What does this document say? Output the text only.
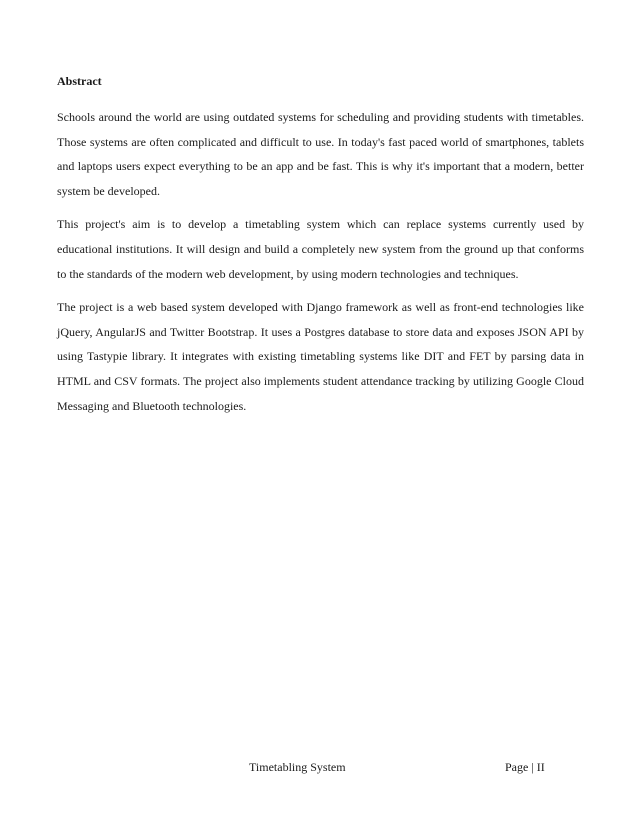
Abstract

Schools around the world are using outdated systems for scheduling and providing students with timetables. Those systems are often complicated and difficult to use. In today's fast paced world of smartphones, tablets and laptops users expect everything to be an app and be fast. This is why it's important that a modern, better system be developed.

This project's aim is to develop a timetabling system which can replace systems currently used by educational institutions. It will design and build a completely new system from the ground up that conforms to the standards of the modern web development, by using modern technologies and techniques.

The project is a web based system developed with Django framework as well as front-end technologies like jQuery, AngularJS and Twitter Bootstrap. It uses a Postgres database to store data and exposes JSON API by using Tastypie library. It integrates with existing timetabling systems like DIT and FET by parsing data in HTML and CSV formats. The project also implements student attendance tracking by utilizing Google Cloud Messaging and Bluetooth technologies.

Timetabling System	Page | II
